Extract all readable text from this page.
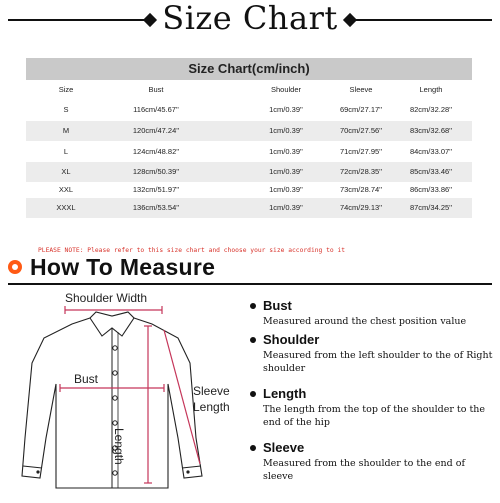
Size Chart
Size Chart(cm/inch)
Size	Bust	Shoulder	Sleeve	Length
S	116cm/45.67''	1cm/0.39''	69cm/27.17''	82cm/32.28''
M	120cm/47.24''	1cm/0.39''	70cm/27.56''	83cm/32.68''
L	124cm/48.82''	1cm/0.39''	71cm/27.95''	84cm/33.07''
XL	128cm/50.39''	1cm/0.39''	72cm/28.35''	85cm/33.46''
XXL	132cm/51.97''	1cm/0.39''	73cm/28.74''	86cm/33.86''
XXXL	136cm/53.54''	1cm/0.39''	74cm/29.13''	87cm/34.25''
PLEASE NOTE: Please refer to this size chart and choose your size according to it
How To Measure
Shoulder Width
Bust
Sleeve
Length
Length
Bust
Measured around the chest position value
Shoulder
Measured from the left shoulder to the of Right shoulder
Length
The length from the top of the shoulder to the end of the hip
Sleeve
Measured from the shoulder to the end of sleeve
